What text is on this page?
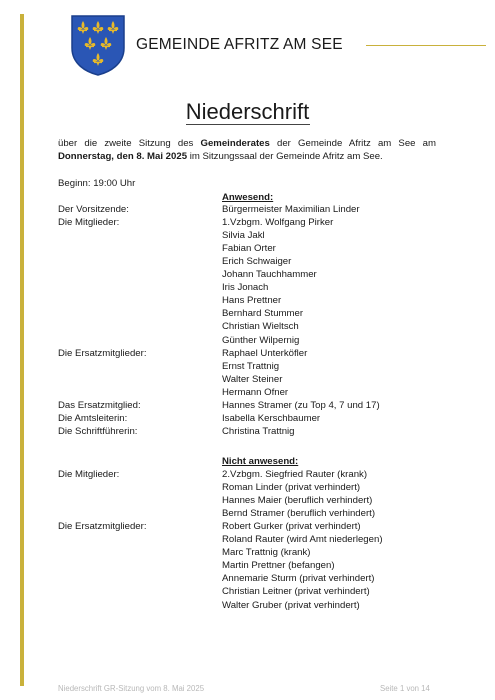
GEMEINDE AFRITZ AM SEE
Niederschrift
über die zweite Sitzung des Gemeinderates der Gemeinde Afritz am See am Donnerstag, den 8. Mai 2025 im Sitzungssaal der Gemeinde Afritz am See.
Beginn: 19:00 Uhr
Anwesend:
Der Vorsitzende:	Bürgermeister Maximilian Linder
Die Mitglieder:	1.Vzbgm. Wolfgang Pirker
Silvia Jakl
Fabian Orter
Erich Schwaiger
Johann Tauchhammer
Iris Jonach
Hans Prettner
Bernhard Stummer
Christian Wieltsch
Günther Wilpernig
Die Ersatzmitglieder:	Raphael Unterköfler
Ernst Trattnig
Walter Steiner
Hermann Ofner
Das Ersatzmitglied:	Hannes Stramer (zu Top 4, 7 und 17)
Die Amtsleiterin:	Isabella Kerschbaumer
Die Schriftführerin:	Christina Trattnig
Nicht anwesend:
Die Mitglieder:	2.Vzbgm. Siegfried Rauter (krank)
Roman Linder (privat verhindert)
Hannes Maier (beruflich verhindert)
Bernd Stramer (beruflich verhindert)
Die Ersatzmitglieder:	Robert Gurker (privat verhindert)
Roland Rauter (wird Amt niederlegen)
Marc Trattnig (krank)
Martin Prettner (befangen)
Annemarie Sturm (privat verhindert)
Christian Leitner (privat verhindert)
Walter Gruber (privat verhindert)
Niederschrift GR-Sitzung vom 8. Mai 2025	Seite 1 von 14
